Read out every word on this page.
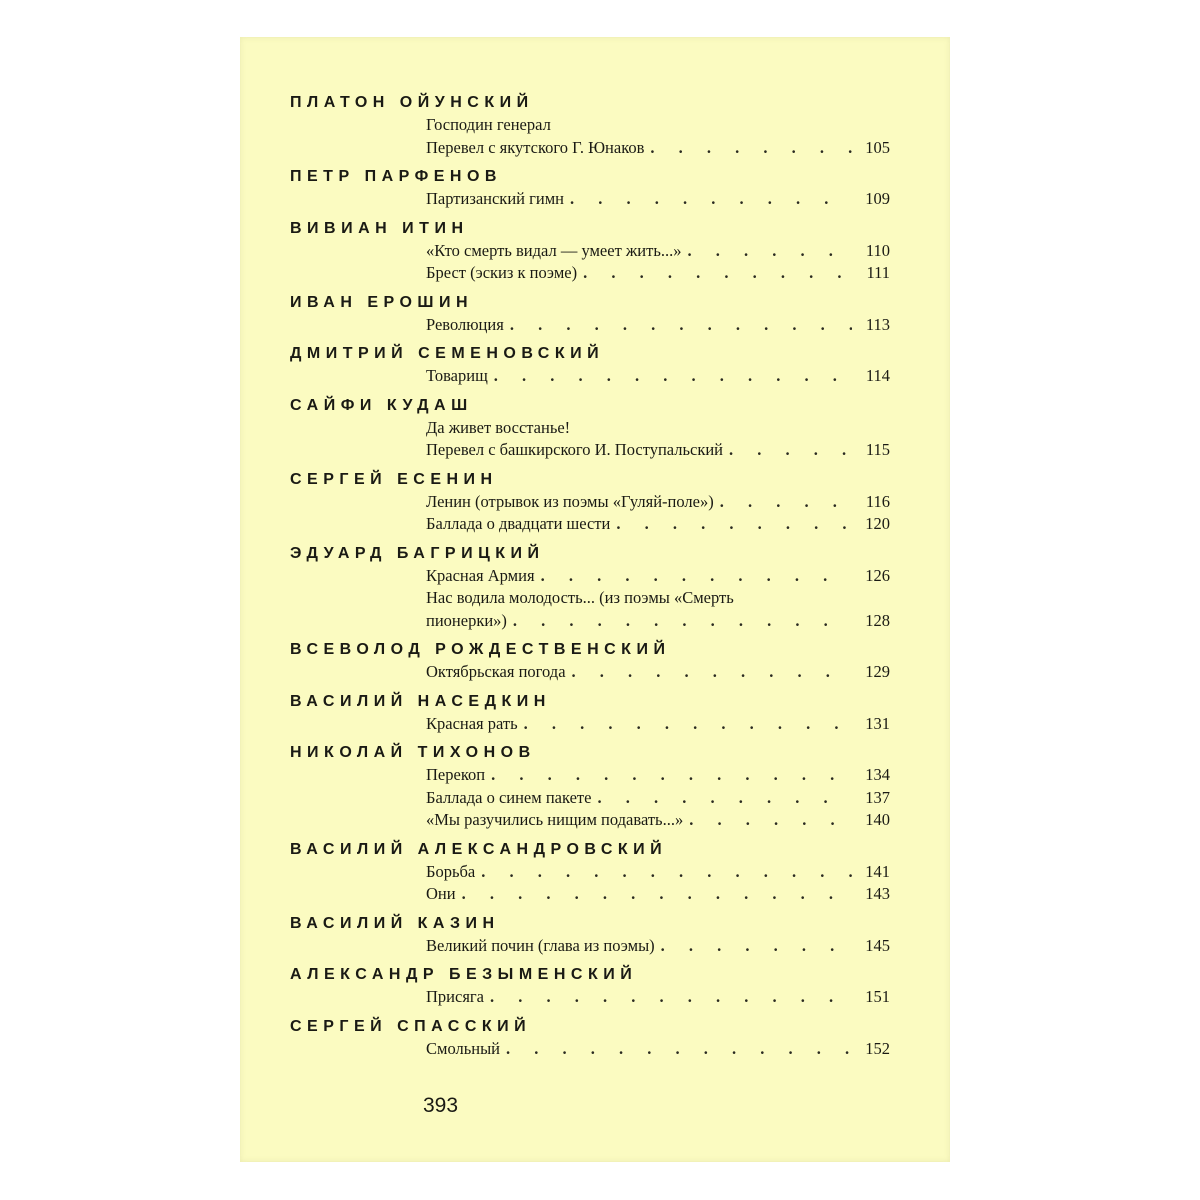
ПЛАТОН ОЙУНСКИЙ
Господин генерал
Перевел с якутского Г. Юнаков . . .	105
ПЕТР ПАРФЕНОВ
Партизанский гимн . . .	109
ВИВИАН ИТИН
«Кто смерть видал — умеет жить...» . . .	110
Брест (эскиз к поэме) . . .	111
ИВАН ЕРОШИН
Революция . . .	113
ДМИТРИЙ СЕМЕНОВСКИЙ
Товарищ . . .	114
САЙФИ КУДАШ
Да живет восстанье!
Перевел с башкирского И. Поступальский . . .	115
СЕРГЕЙ ЕСЕНИН
Ленин (отрывок из поэмы «Гуляй-поле») . . .	116
Баллада о двадцати шести . . .	120
ЭДУАРД БАГРИЦКИЙ
Красная Армия . . .	126
Нас водила молодость... (из поэмы «Смерть
пионерки») . . .	128
ВСЕВОЛОД РОЖДЕСТВЕНСКИЙ
Октябрьская погода . . .	129
ВАСИЛИЙ НАСЕДКИН
Красная рать . . .	131
НИКОЛАЙ ТИХОНОВ
Перекоп . . .	134
Баллада о синем пакете . . .	137
«Мы разучились нищим подавать...» . . .	140
ВАСИЛИЙ АЛЕКСАНДРОВСКИЙ
Борьба . . .	141
Они . . .	143
ВАСИЛИЙ КАЗИН
Великий почин (глава из поэмы) . . .	145
АЛЕКСАНДР БЕЗЫМЕНСКИЙ
Присяга . . .	151
СЕРГЕЙ СПАССКИЙ
Смольный . . .	152
393
